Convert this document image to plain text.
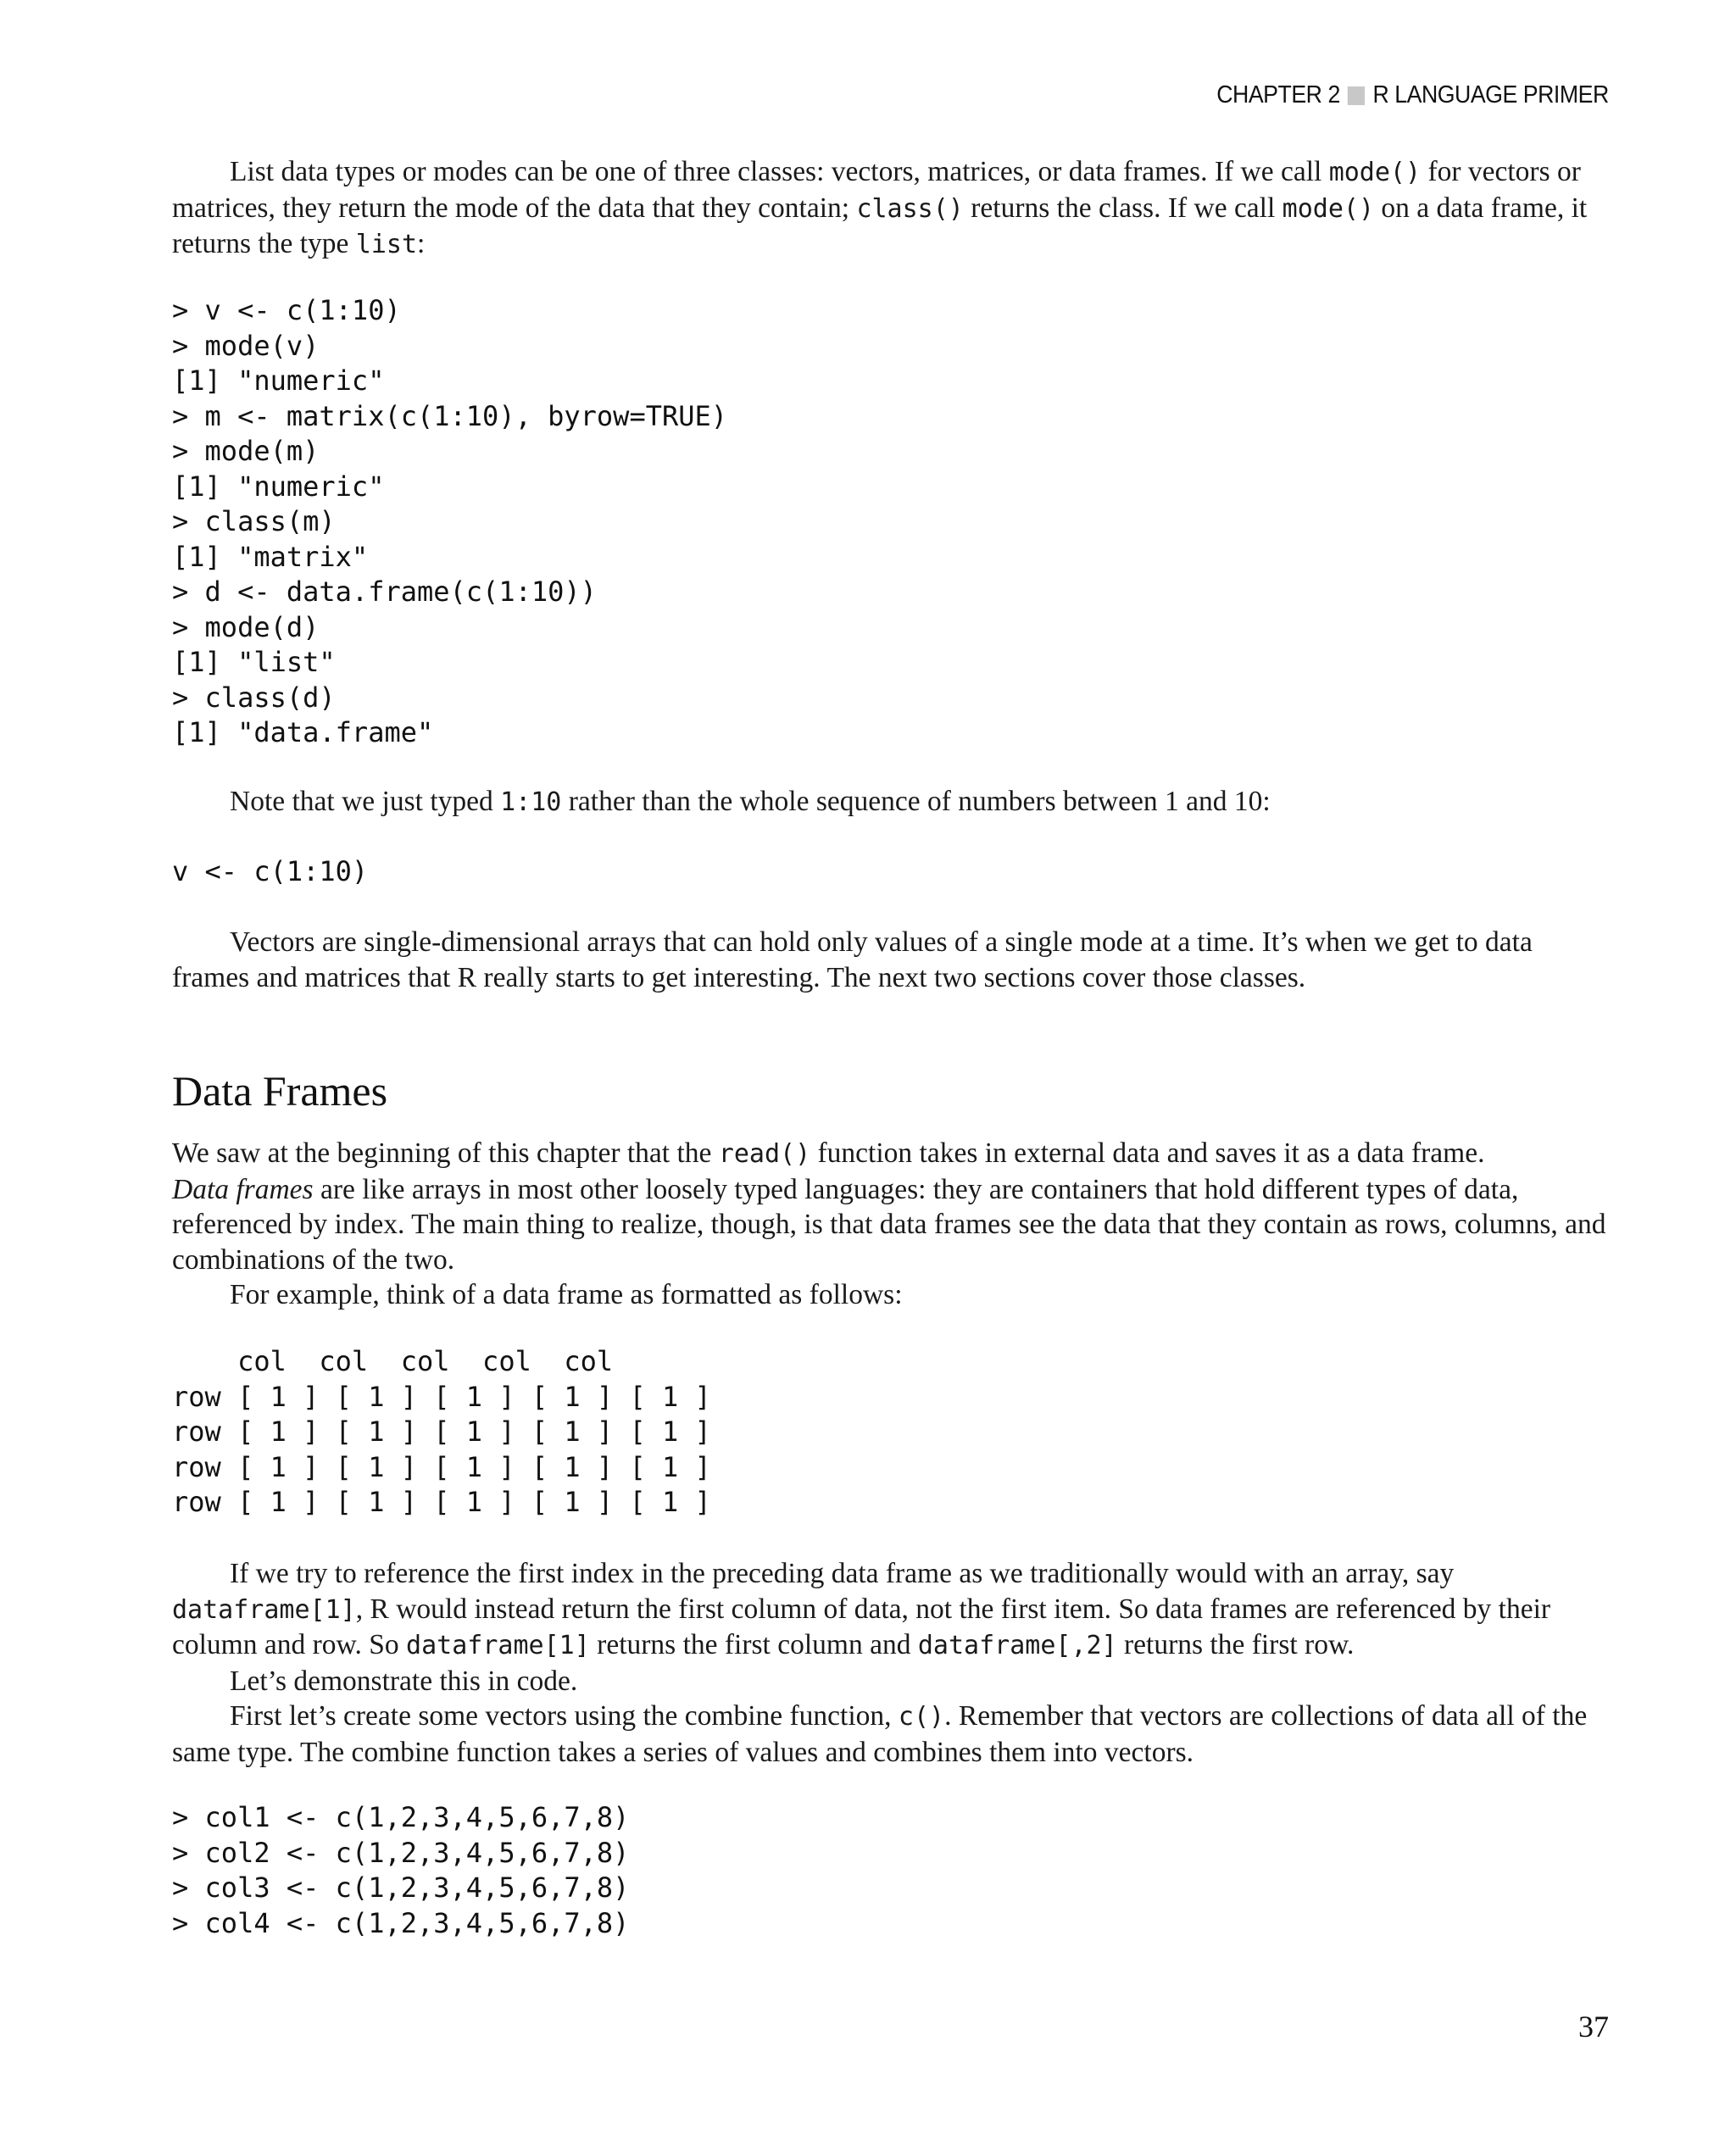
CHAPTER 2 R LANGUAGE PRIMER

List data types or modes can be one of three classes: vectors, matrices, or data frames. If we call mode() for vectors or matrices, they return the mode of the data that they contain; class() returns the class. If we call mode() on a data frame, it returns the type list:

> v <- c(1:10)
> mode(v)
[1] "numeric"
> m <- matrix(c(1:10), byrow=TRUE)
> mode(m)
[1] "numeric"
> class(m)
[1] "matrix"
> d <- data.frame(c(1:10))
> mode(d)
[1] "list"
> class(d)
[1] "data.frame"

Note that we just typed 1:10 rather than the whole sequence of numbers between 1 and 10:

v <- c(1:10)

Vectors are single-dimensional arrays that can hold only values of a single mode at a time. It’s when we get to data frames and matrices that R really starts to get interesting. The next two sections cover those classes.

Data Frames

We saw at the beginning of this chapter that the read() function takes in external data and saves it as a data frame.
Data frames are like arrays in most other loosely typed languages: they are containers that hold different types of data, referenced by index. The main thing to realize, though, is that data frames see the data that they contain as rows, columns, and combinations of the two.

For example, think of a data frame as formatted as follows:

col  col  col  col  col
row [ 1 ] [ 1 ] [ 1 ] [ 1 ] [ 1 ]
row [ 1 ] [ 1 ] [ 1 ] [ 1 ] [ 1 ]
row [ 1 ] [ 1 ] [ 1 ] [ 1 ] [ 1 ]
row [ 1 ] [ 1 ] [ 1 ] [ 1 ] [ 1 ]

If we try to reference the first index in the preceding data frame as we traditionally would with an array, say dataframe[1], R would instead return the first column of data, not the first item. So data frames are referenced by their column and row. So dataframe[1] returns the first column and dataframe[,2] returns the first row.

Let’s demonstrate this in code.

First let’s create some vectors using the combine function, c(). Remember that vectors are collections of data all of the same type. The combine function takes a series of values and combines them into vectors.

> col1 <- c(1,2,3,4,5,6,7,8)
> col2 <- c(1,2,3,4,5,6,7,8)
> col3 <- c(1,2,3,4,5,6,7,8)
> col4 <- c(1,2,3,4,5,6,7,8)
37
